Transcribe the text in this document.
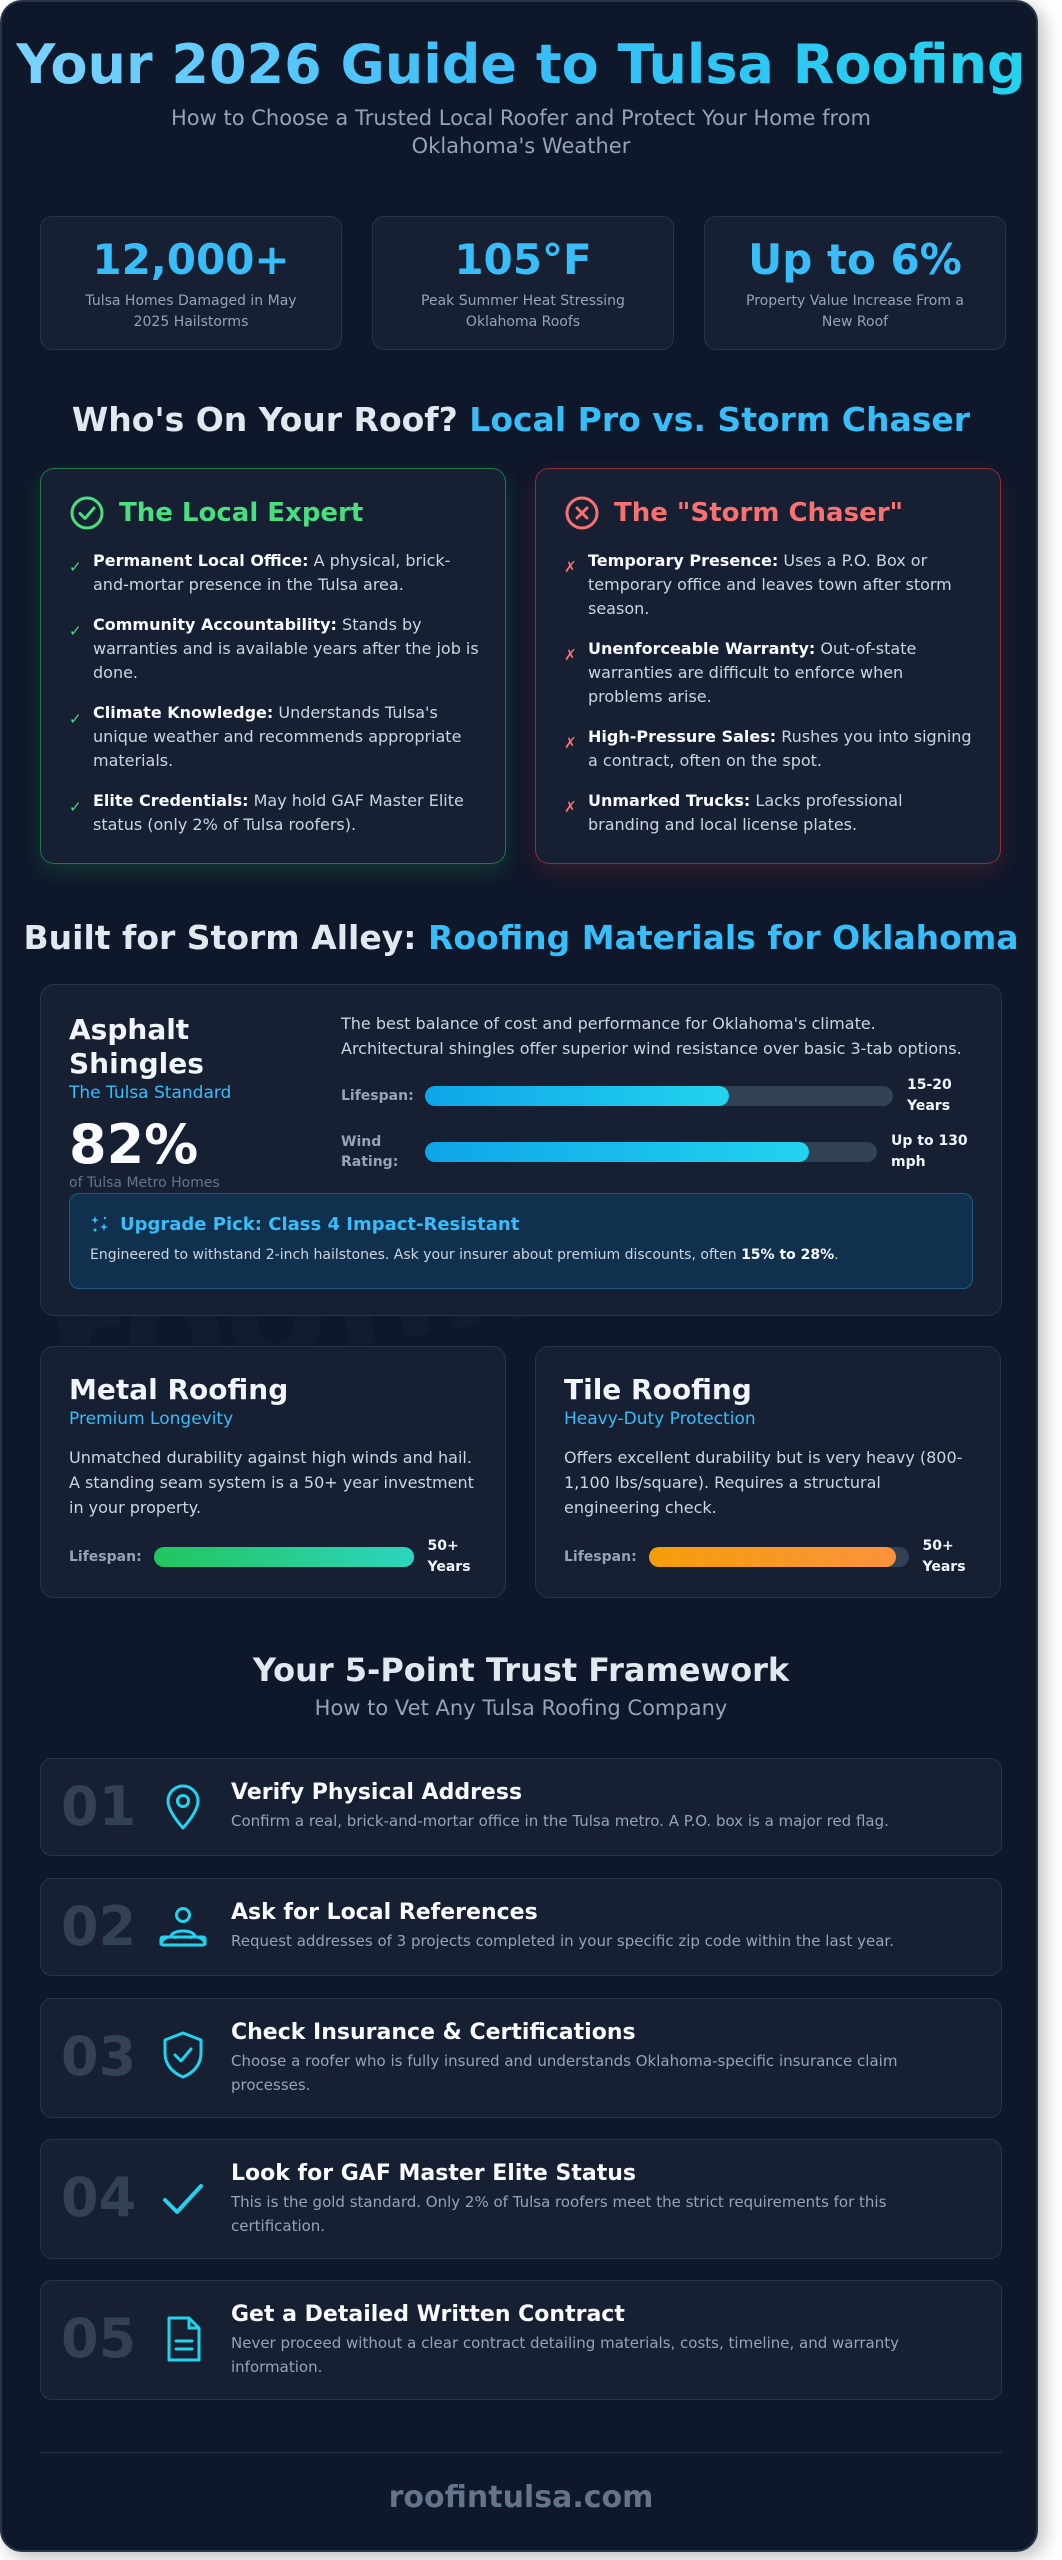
Your 2026 Guide to Tulsa Roofing

How to Choose a Trusted Local Roofer and Protect Your Home from Oklahoma's Weather

12,000+
Tulsa Homes Damaged in May 2025 Hailstorms
105°F
Peak Summer Heat Stressing Oklahoma Roofs
Up to 6%
Property Value Increase From a New Roof
Who's On Your Roof? Local Pro vs. Storm Chaser
The Local Expert
✓ Permanent Local Office: A physical, brick-and-mortar presence in the Tulsa area.
✓ Community Accountability: Stands by warranties and is available years after the job is done.
✓ Climate Knowledge: Understands Tulsa's unique weather and recommends appropriate materials.
✓ Elite Credentials: May hold GAF Master Elite status (only 2% of Tulsa roofers).
The "Storm Chaser"
✗ Temporary Presence: Uses a P.O. Box or temporary office and leaves town after storm season.
✗ Unenforceable Warranty: Out-of-state warranties are difficult to enforce when problems arise.
✗ High-Pressure Sales: Rushes you into signing a contract, often on the spot.
✗ Unmarked Trucks: Lacks professional branding and local license plates.
Built for Storm Alley: Roofing Materials for Oklahoma
Asphalt Shingles
The Tulsa Standard
82%
of Tulsa Metro Homes
The best balance of cost and performance for Oklahoma's climate. Architectural shingles offer superior wind resistance over basic 3-tab options.
Lifespan:
15-20 Years
Wind Rating:
Up to 130 mph
Upgrade Pick: Class 4 Impact-Resistant
Engineered to withstand 2-inch hailstones. Ask your insurer about premium discounts, often 15% to 28%.
Metal Roofing
Premium Longevity
Unmatched durability against high winds and hail. A standing seam system is a 50+ year investment in your property.
Lifespan:
50+ Years
Tile Roofing
Heavy-Duty Protection
Offers excellent durability but is very heavy (800-1,100 lbs/square). Requires a structural engineering check.
Lifespan:
50+ Years
Your 5-Point Trust Framework
How to Vet Any Tulsa Roofing Company
01	Verify Physical Address
Confirm a real, brick-and-mortar office in the Tulsa metro. A P.O. box is a major red flag.
02	Ask for Local References
Request addresses of 3 projects completed in your specific zip code within the last year.
03	Check Insurance & Certifications
Choose a roofer who is fully insured and understands Oklahoma-specific insurance claim processes.
04	Look for GAF Master Elite Status
This is the gold standard. Only 2% of Tulsa roofers meet the strict requirements for this certification.
05	Get a Detailed Written Contract
Never proceed without a clear contract detailing materials, costs, timeline, and warranty information.
roofintulsa.com
